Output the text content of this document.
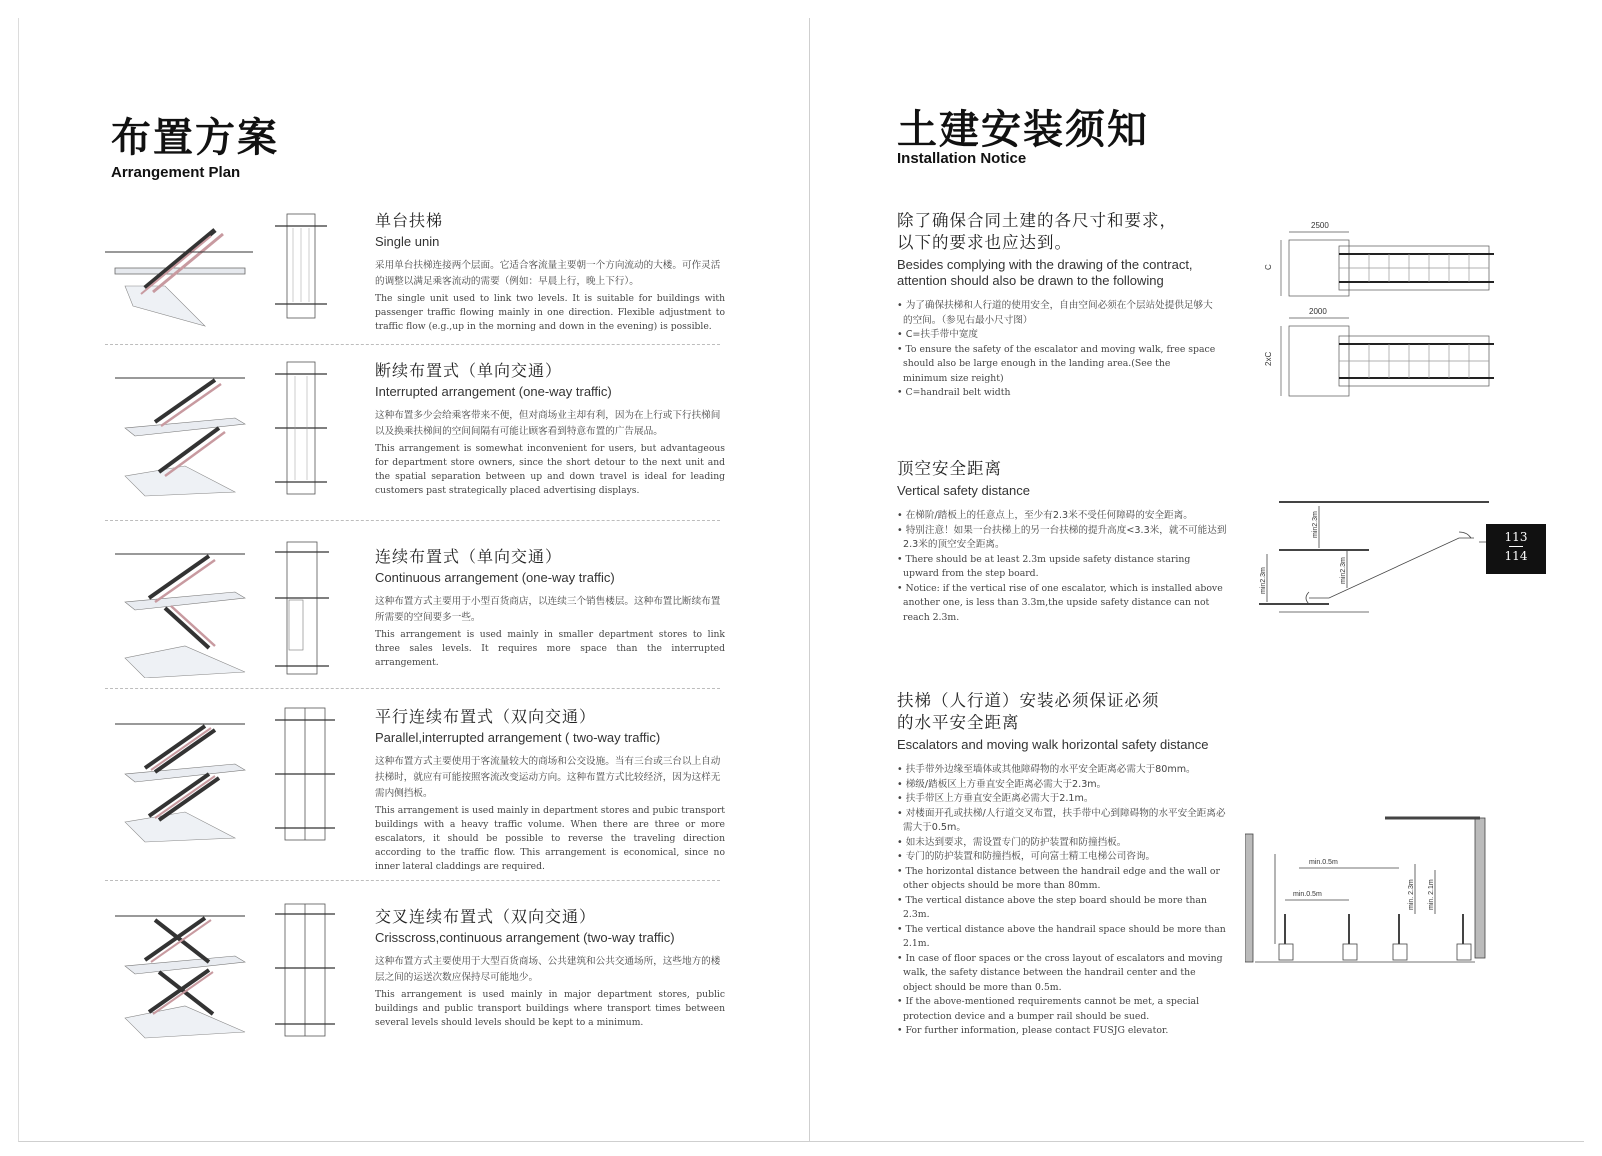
布置方案
Arrangement Plan
单台扶梯
Single unin
采用单台扶梯连接两个层面。它适合客流量主要朝一个方向流动的大楼。可作灵活的调整以满足乘客流动的需要（例如：早晨上行，晚上下行）。
The single unit used to link two levels. It is suitable for buildings with passenger traffic flowing mainly in one direction. Flexible adjustment to traffic flow (e.g.,up in the morning and down in the evening) is possible.
断续布置式（单向交通）
Interrupted arrangement (one-way traffic)
这种布置多少会给乘客带来不便，但对商场业主却有利，因为在上行或下行扶梯间以及换乘扶梯间的空间间隔有可能让顾客看到特意布置的广告展品。
This arrangement is somewhat inconvenient for users, but advantageous for department store owners, since the short detour to the next unit and the spatial separation between up and down travel is ideal for leading customers past strategically placed advertising displays.
连续布置式（单向交通）
Continuous arrangement (one-way traffic)
这种布置方式主要用于小型百货商店，以连续三个销售楼层。这种布置比断续布置所需要的空间要多一些。
This arrangement is used mainly in smaller department stores to link three sales levels. It requires more space than the interrupted arrangement.
平行连续布置式（双向交通）
Parallel,interrupted arrangement ( two-way traffic)
这种布置方式主要使用于客流量较大的商场和公交设施。当有三台或三台以上自动扶梯时，就应有可能按照客流改变运动方向。这种布置方式比较经济，因为这样无需内侧挡板。
This arrangement is used mainly in department stores and pubic transport buildings with a heavy traffic volume. When there are three or more escalators, it should be possible to reverse the traveling direction according to the traffic flow. This arrangement is economical, since no inner lateral claddings are required.
交叉连续布置式（双向交通）
Crisscross,continuous arrangement (two-way traffic)
这种布置方式主要使用于大型百货商场、公共建筑和公共交通场所，这些地方的楼层之间的运送次数应保持尽可能地少。
This arrangement is used mainly in major department stores, public buildings and public transport buildings where transport times between several levels should levels should be kept to a minimum.
土建安装须知
Installation Notice
除了确保合同土建的各尺寸和要求，
以下的要求也应达到。
Besides complying with the drawing of the contract, attention should also be drawn to the following
• 为了确保扶梯和人行道的使用安全，自由空间必须在个层站处提供足够大的空间。（参见右最小尺寸图）
• C=扶手带中宽度
• To ensure the safety of the escalator and moving walk, free space should also be large enough in the landing area.(See the minimum size reight)
• C=handrail belt width
2500
2000
C
2xC
顶空安全距离
Vertical safety distance
• 在梯阶/踏板上的任意点上，至少有2.3米不受任何障碍的安全距离。
• 特别注意！如果一台扶梯上的另一台扶梯的提升高度<3.3米，就不可能达到2.3米的顶空安全距离。
• There should be at least 2.3m upside safety distance staring upward from the step board.
• Notice: if the vertical rise of one escalator, which is installed above another one, is less than 3.3m,the upside safety distance can not reach 2.3m.
min2.3m
min2.3m	min2.3m
扶梯（人行道）安装必须保证必须
的水平安全距离
Escalators and moving walk horizontal safety distance
• 扶手带外边缘至墙体或其他障碍物的水平安全距离必需大于80mm。
• 梯级/踏板区上方垂直安全距离必需大于2.3m。
• 扶手带区上方垂直安全距离必需大于2.1m。
• 对楼面开孔或扶梯/人行道交叉布置，扶手带中心到障碍物的水平安全距离必需大于0.5m。
• 如未达到要求，需设置专门的防护装置和防撞挡板。
• 专门的防护装置和防撞挡板，可向富士精工电梯公司咨询。
• The horizontal distance between the handrail edge and the wall or other objects should be more than 80mm.
• The vertical distance above the step board should be more than 2.3m.
• The vertical distance above the handrail space should be more than 2.1m.
• In case of floor spaces or the cross layout of escalators and moving walk, the safety distance between the handrail center and the object should be more than 0.5m.
• If the above-mentioned requirements cannot be met, a special protection device and a bumper rail should be sued.
• For further information, please contact FUSJG elevator.
min.0.5m
min.0.5m
min. 2.3m min. 2.1m
113
114
